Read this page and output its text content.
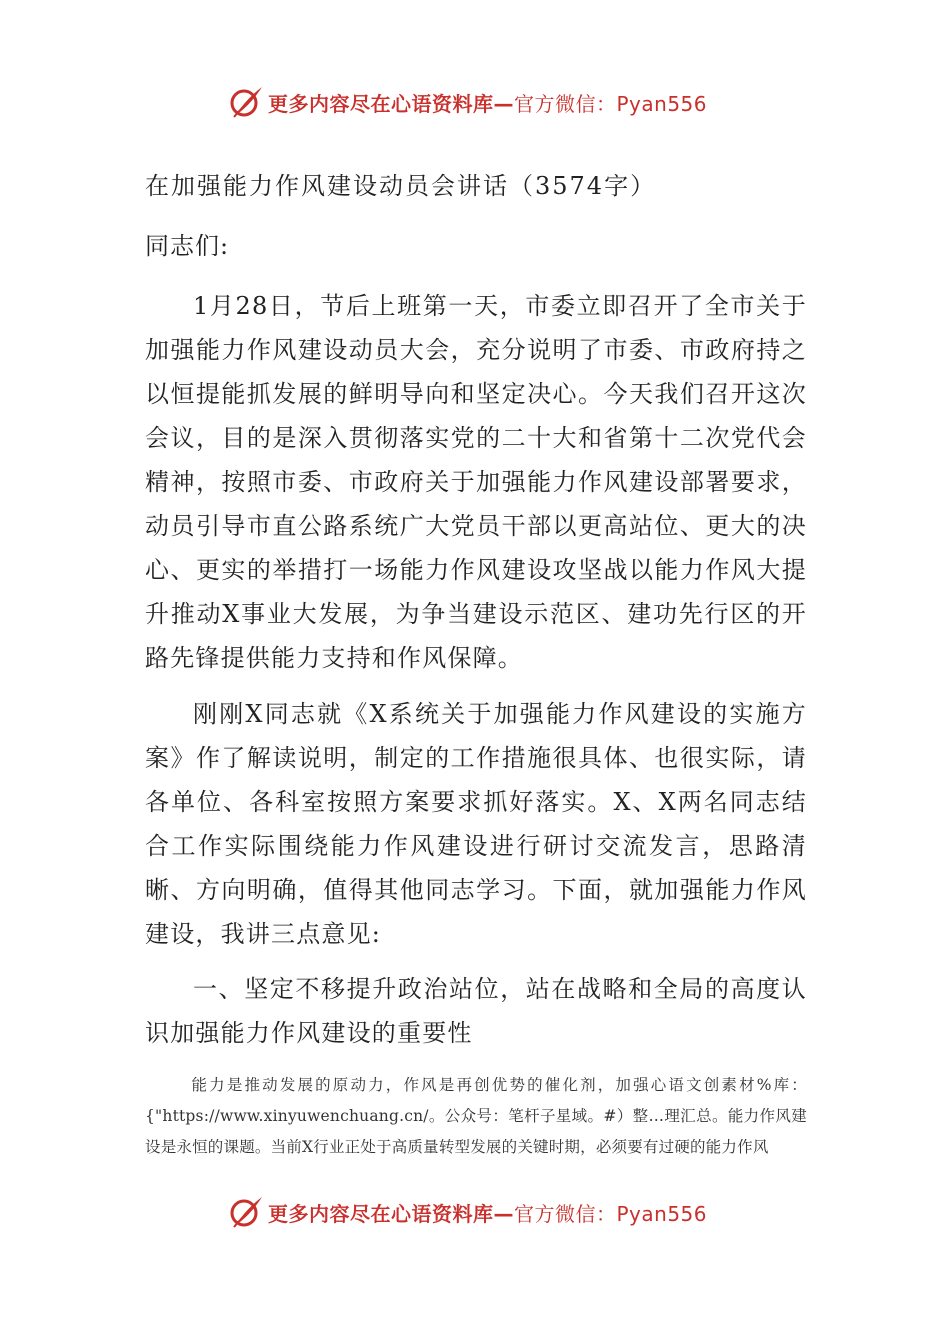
更多内容尽在心语资料库—官方微信：Pyan556
在加强能力作风建设动员会讲话（3574字）
同志们:

1月28日，节后上班第一天，市委立即召开了全市关于加强能力作风建设动员大会，充分说明了市委、市政府持之以恒提能抓发展的鲜明导向和坚定决心。今天我们召开这次会议，目的是深入贯彻落实党的二十大和省第十二次党代会精神，按照市委、市政府关于加强能力作风建设部署要求，动员引导市直公路系统广大党员干部以更高站位、更大的决心、更实的举措打一场能力作风建设攻坚战以能力作风大提升推动X事业大发展，为争当建设示范区、建功先行区的开路先锋提供能力支持和作风保障。

刚刚X同志就《X系统关于加强能力作风建设的实施方案》作了解读说明，制定的工作措施很具体、也很实际，请各单位、各科室按照方案要求抓好落实。X、X两名同志结合工作实际围绕能力作风建设进行研讨交流发言，思路清晰、方向明确，值得其他同志学习。下面，就加强能力作风建设，我讲三点意见:

一、坚定不移提升政治站位，站在战略和全局的高度认识加强能力作风建设的重要性

能力是推动发展的原动力，作风是再创优势的催化剂，加强心语文创素材%库：{"https://www.xinyuwenchuang.cn/。公众号：笔杆子星域。#）整…理汇总。能力作风建设是永恒的课题。当前X行业正处于高质量转型发展的关键时期，必须要有过硬的能力作风

更多内容尽在心语资料库—官方微信：Pyan556
